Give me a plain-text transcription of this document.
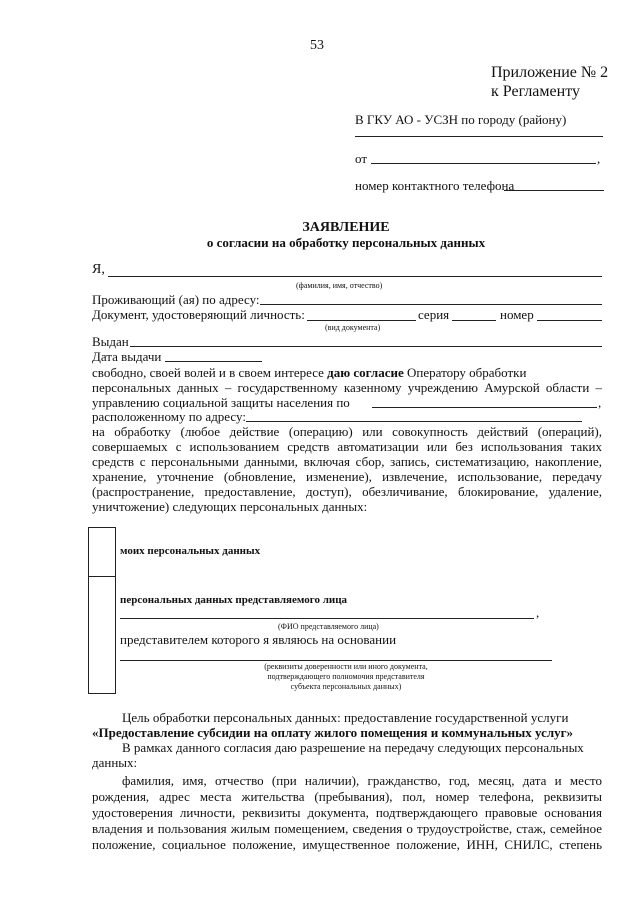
53
Приложение № 2
к Регламенту
В ГКУ АО - УСЗН по городу (району)
от	,
номер контактного телефона
ЗАЯВЛЕНИЕ
о согласии на обработку персональных данных
Я,
(фамилия, имя, отчество)
Проживающий (ая) по адресу:
Документ, удостоверяющий личность:	серия	номер
(вид документа)
Выдан
Дата выдачи
свободно, своей волей и в своем интересе даю согласие Оператору обработки
персональных данных – государственному казенному учреждению Амурской области –
управлению социальной защиты населения по	,
расположенному по адресу:
на обработку (любое действие (операцию) или совокупность действий (операций),
совершаемых с использованием средств автоматизации или без использования таких
средств с персональными данными, включая сбор, запись, систематизацию, накопление,
хранение, уточнение (обновление, изменение), извлечение, использование, передачу
(распространение, предоставление, доступ), обезличивание, блокирование, удаление,
уничтожение) следующих персональных данных:
моих персональных данных
персональных данных представляемого лица
,
(ФИО представляемого лица)
представителем которого я являюсь на основании
(реквизиты доверенности или иного документа,
подтверждающего полномочия представителя
субъекта персональных данных)
Цель обработки персональных данных: предоставление государственной услуги
«Предоставление субсидии на оплату жилого помещения и коммунальных услуг»
В рамках данного согласия даю разрешение на передачу следующих персональных
данных:
фамилия, имя, отчество (при наличии), гражданство, год, месяц, дата и место
рождения, адрес места жительства (пребывания), пол, номер телефона, реквизиты
удостоверения личности, реквизиты документа, подтверждающего правовые основания
владения и пользования жилым помещением, сведения о трудоустройстве, стаж, семейное
положение, социальное положение, имущественное положение, ИНН, СНИЛС, степень
